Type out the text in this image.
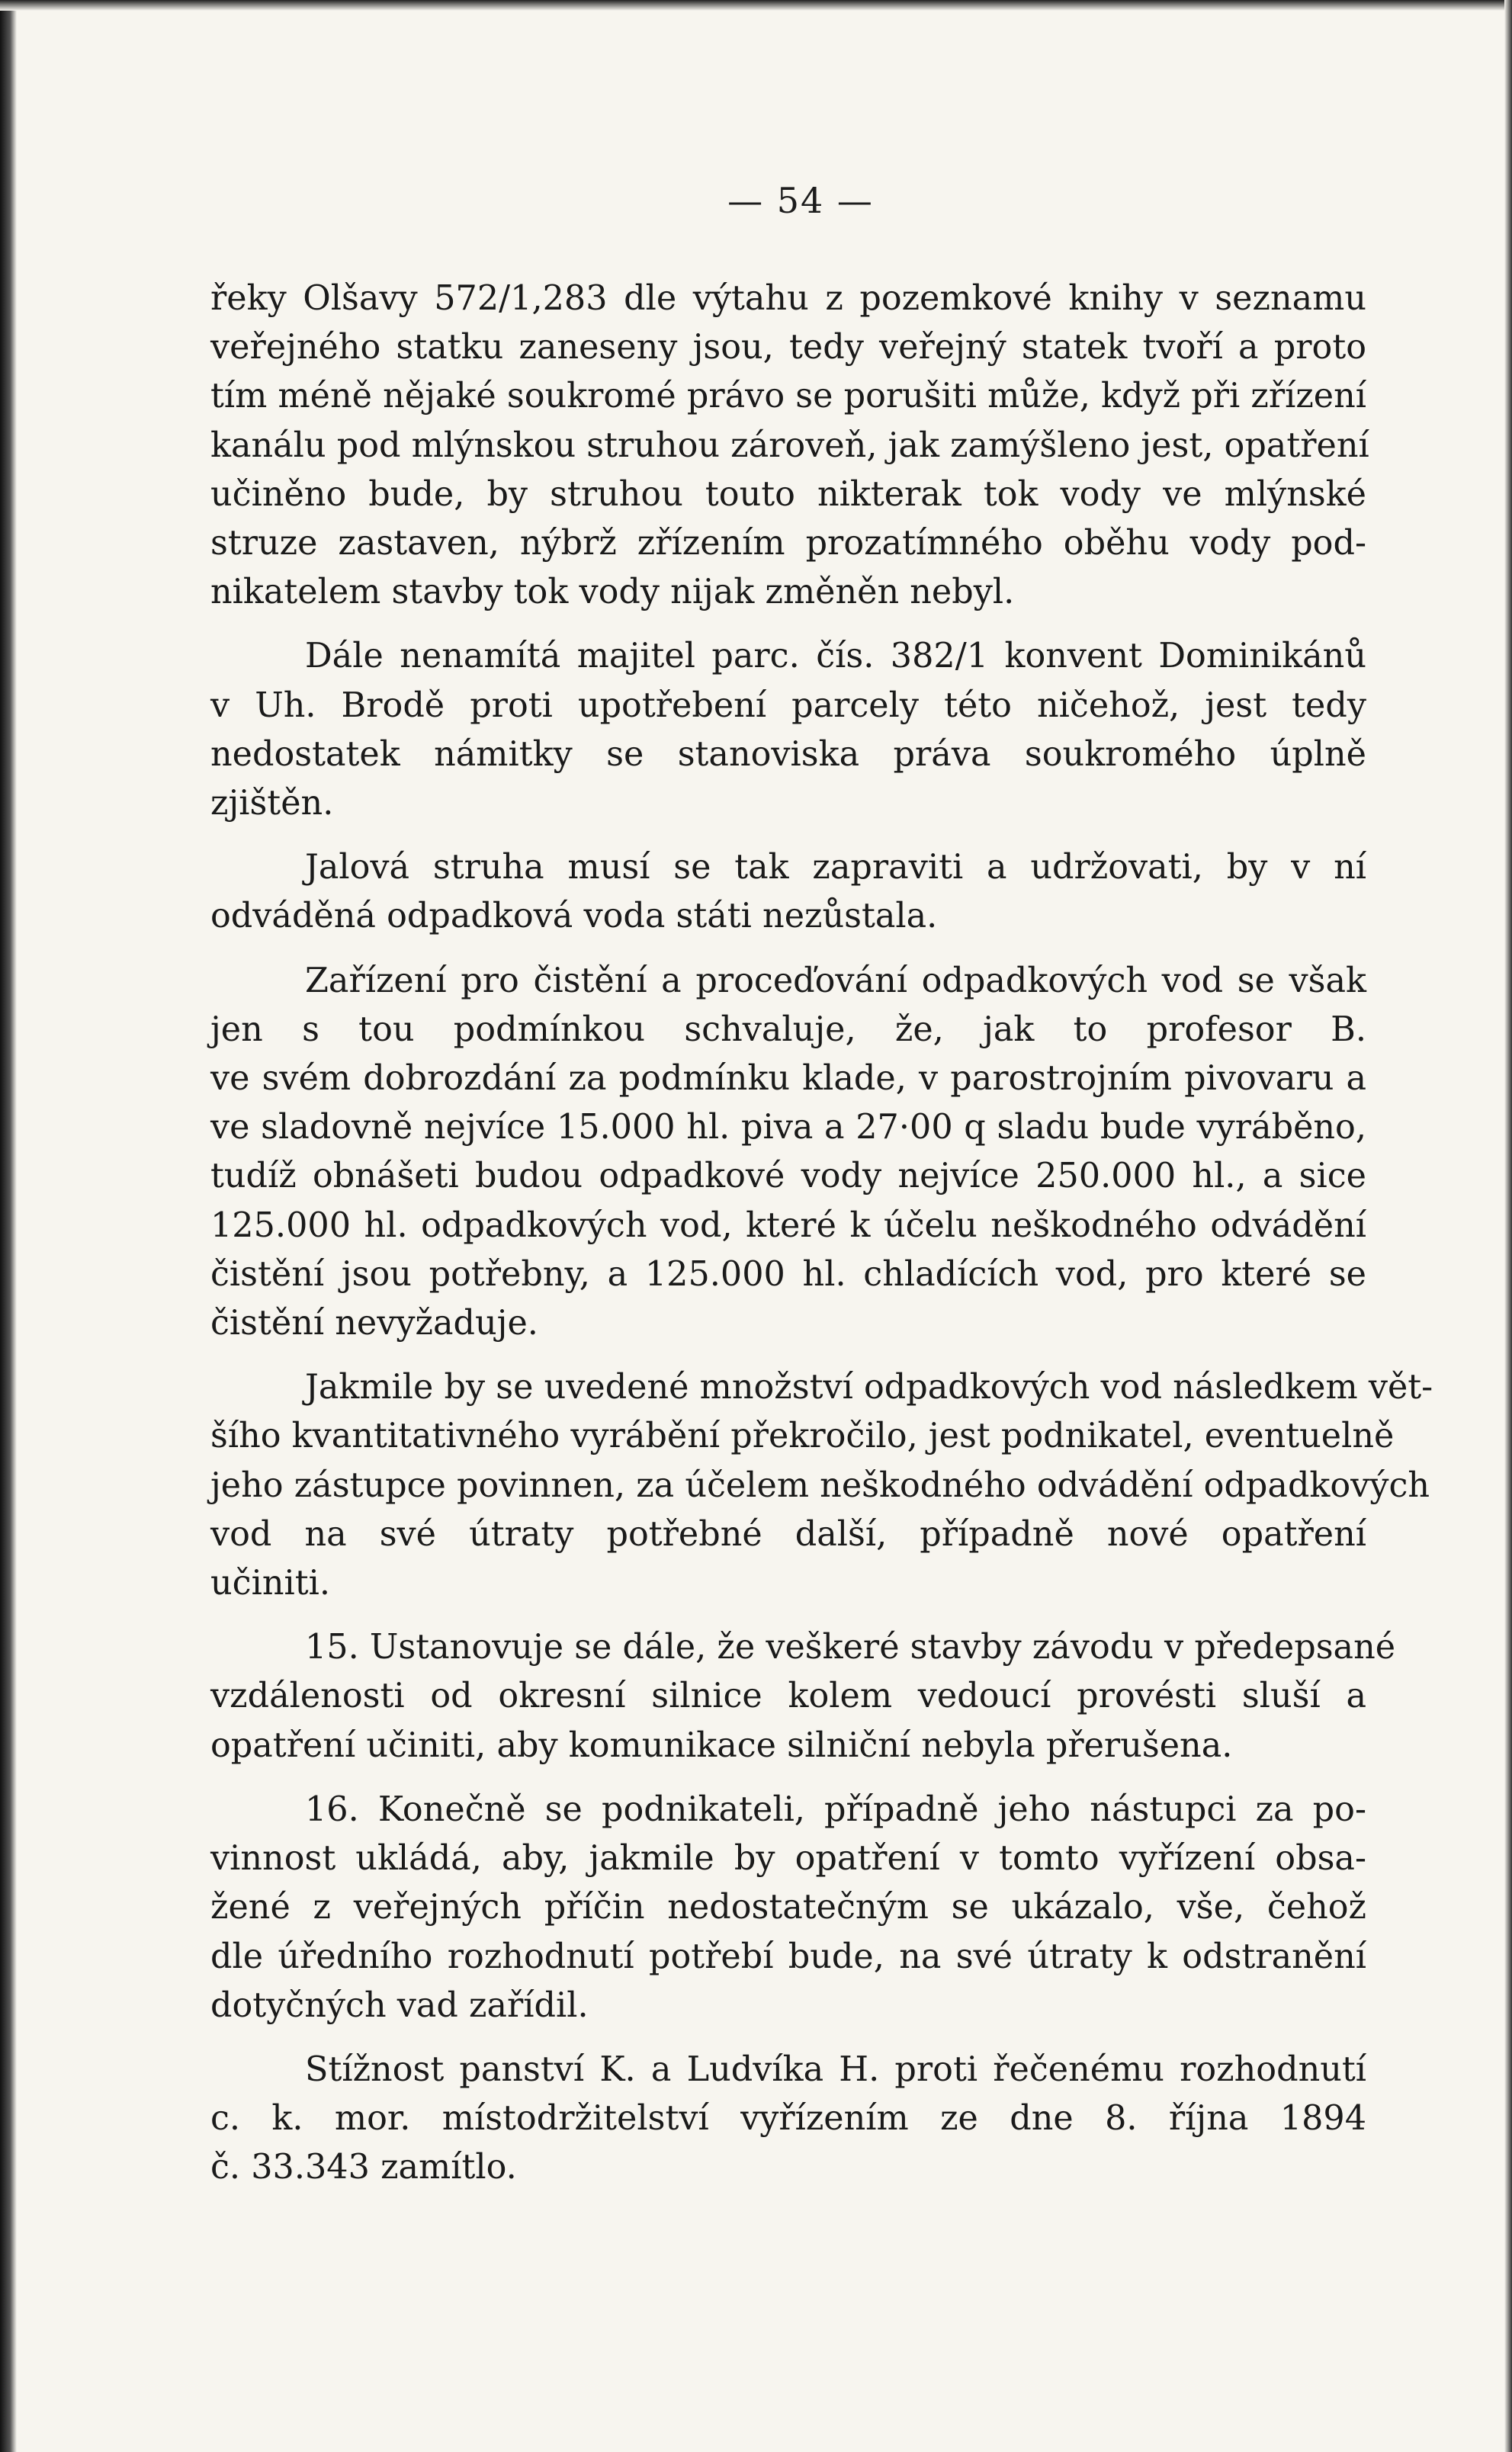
— 54 —
řeky Olšavy 572/1,283 dle výtahu z pozemkové knihy v seznamu
veřejného statku zaneseny jsou, tedy veřejný statek tvoří a proto
tím méně nějaké soukromé právo se porušiti může, když při zřízení
kanálu pod mlýnskou struhou zároveň, jak zamýšleno jest, opatření
učiněno bude, by struhou touto nikterak tok vody ve mlýnské
struze zastaven, nýbrž zřízením prozatímného oběhu vody pod-
nikatelem stavby tok vody nijak změněn nebyl.
Dále nenamítá majitel parc. čís. 382/1 konvent Dominikánů
v Uh. Brodě proti upotřebení parcely této ničehož, jest tedy
nedostatek námitky se stanoviska práva soukromého úplně
zjištěn.
Jalová struha musí se tak zapraviti a udržovati, by v ní
odváděná odpadková voda státi nezůstala.
Zařízení pro čistění a proceďování odpadkových vod se však
jen s tou podmínkou schvaluje, že, jak to profesor B.
ve svém dobrozdání za podmínku klade, v parostrojním pivovaru a
ve sladovně nejvíce 15.000 hl. piva a 27·00 q sladu bude vyráběno,
tudíž obnášeti budou odpadkové vody nejvíce 250.000 hl., a sice
125.000 hl. odpadkových vod, které k účelu neškodného odvádění
čistění jsou potřebny, a 125.000 hl. chladících vod, pro které se
čistění nevyžaduje.
Jakmile by se uvedené množství odpadkových vod následkem vět-
šího kvantitativného vyrábění překročilo, jest podnikatel, eventuelně
jeho zástupce povinnen, za účelem neškodného odvádění odpadkových
vod na své útraty potřebné další, případně nové opatření
učiniti.
15. Ustanovuje se dále, že veškeré stavby závodu v předepsané
vzdálenosti od okresní silnice kolem vedoucí provésti sluší a
opatření učiniti, aby komunikace silniční nebyla přerušena.
16. Konečně se podnikateli, případně jeho nástupci za po-
vinnost ukládá, aby, jakmile by opatření v tomto vyřízení obsa-
žené z veřejných příčin nedostatečným se ukázalo, vše, čehož
dle úředního rozhodnutí potřebí bude, na své útraty k odstranění
dotyčných vad zařídil.
Stížnost panství K. a Ludvíka H. proti řečenému rozhodnutí
c. k. mor. místodržitelství vyřízením ze dne 8. října 1894
č. 33.343 zamítlo.
